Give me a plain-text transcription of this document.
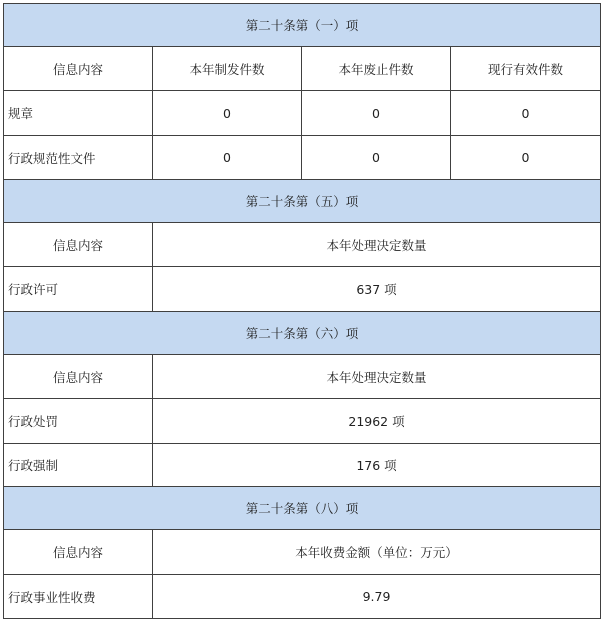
第二十条第（一）项			
信息内容	本年制发件数	本年废止件数	现行有效件数
规章	0	0	0
行政规范性文件	0	0	0
第二十条第（五）项			
信息内容	本年处理决定数量		
行政许可	637 项		
第二十条第（六）项			
信息内容	本年处理决定数量		
行政处罚	21962 项		
行政强制	176 项		
第二十条第（八）项			
信息内容	本年收费金额（单位：万元）		
行政事业性收费	9.79		
